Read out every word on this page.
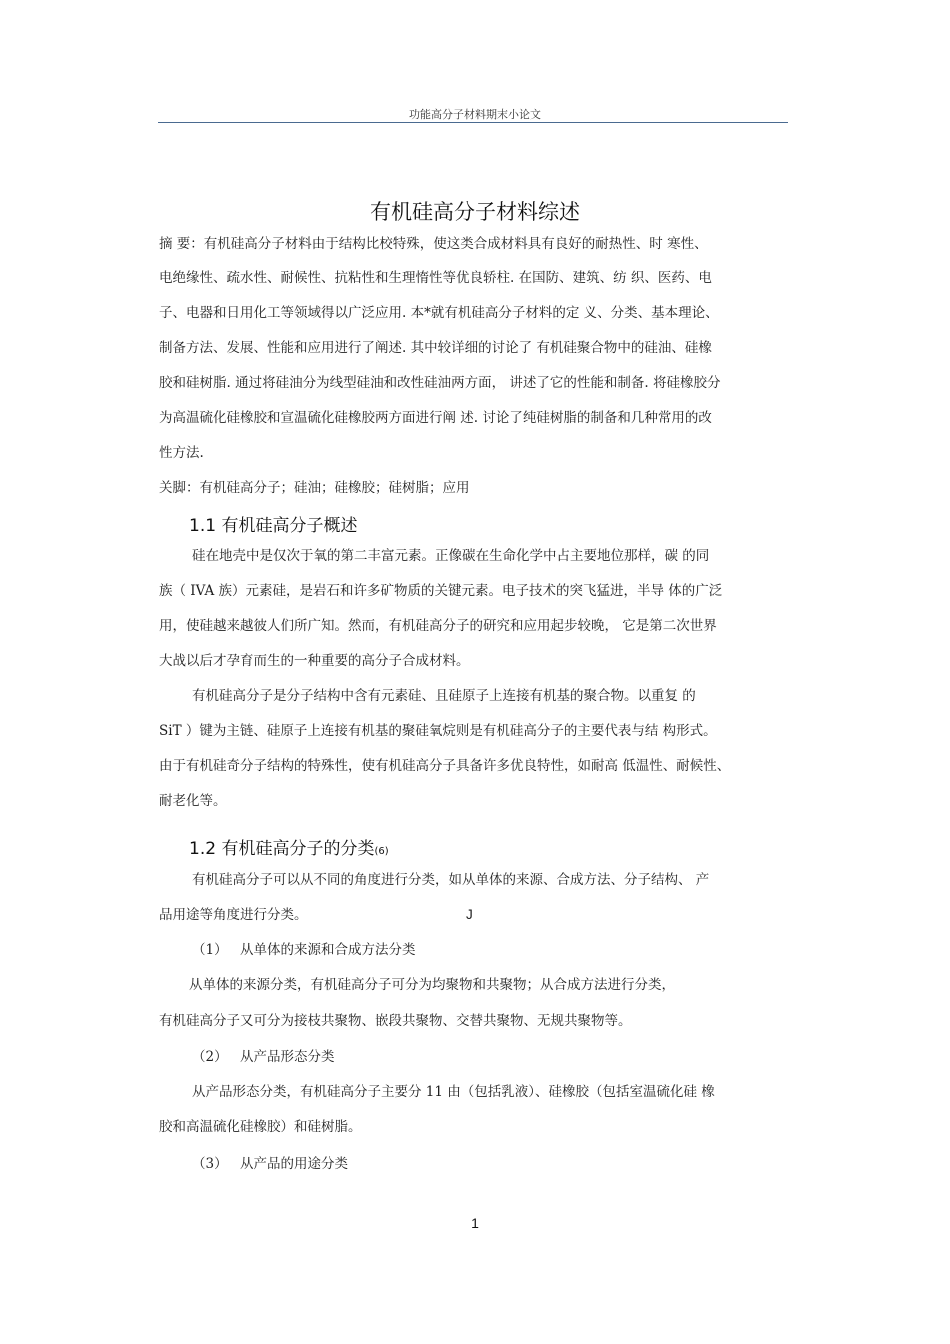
功能高分子材料期末小论文
有机硅高分子材料综述
摘 要：有机硅高分子材料由于结构比校特殊，使这类合成材料具有良好的耐热性、时 寒性、
电绝缘性、疏水性、耐候性、抗粘性和生理惰性等优良轿柱. 在国防、建筑、纺 织、医药、电
子、电器和日用化工等领域得以广泛应用. 本*就有机硅高分子材料的定 义、分类、基本理论、
制备方法、发展、性能和应用进行了阐述. 其中较详细的讨论了 有机硅聚合物中的硅油、硅橡
胶和硅树脂. 通过将硅油分为线型硅油和改性硅油两方面， 讲述了它的性能和制备. 将硅橡胶分
为高温硫化硅橡胶和宣温硫化硅橡胶两方面进行阐 述. 讨论了纯硅树脂的制备和几种常用的改
性方法.
关脚：有机硅高分子；硅油；硅橡胶；硅树脂；应用
1.1 有机硅高分子概述
硅在地壳中是仅次于氧的第二丰富元素。正像碳在生命化学中占主要地位那样，碳 的同
族（ IVA 族）元素硅，是岩石和许多矿物质的关键元素。电子技术的突飞猛进，半导 体的广泛
用，使硅越来越彼人们所广知。然而，有机硅高分子的研究和应用起步较晚， 它是第二次世界
大战以后才孕育而生的一种重要的高分子合成材料。
有机硅高分子是分子结构中含有元素硅、且硅原子上连接有机基的聚合物。以重复 的
SiT ）键为主链、硅原子上连接有机基的聚硅氧烷则是有机硅高分子的主要代表与结 构形式。
由于有机硅奇分子结构的特殊性，使有机硅高分子具备许多优良特性，如耐高 低温性、耐候性、
耐老化等。
1.2 有机硅高分子的分类(6)
有机硅高分子可以从不同的角度进行分类，如从单体的来源、合成方法、分子结构、 产
品用途等角度进行分类。	J
（1） 从单体的来源和合成方法分类
从单体的来源分类，有机硅高分子可分为均聚物和共聚物；从合成方法进行分类，
有机硅高分子又可分为接枝共聚物、嵌段共聚物、交替共聚物、无规共聚物等。
（2） 从产品形态分类
从产品形态分类，有机硅高分子主要分 11 由（包括乳液）、硅橡胶（包括室温硫化硅 橡
胶和高温硫化硅橡胶）和硅树脂。
（3） 从产品的用途分类
1
